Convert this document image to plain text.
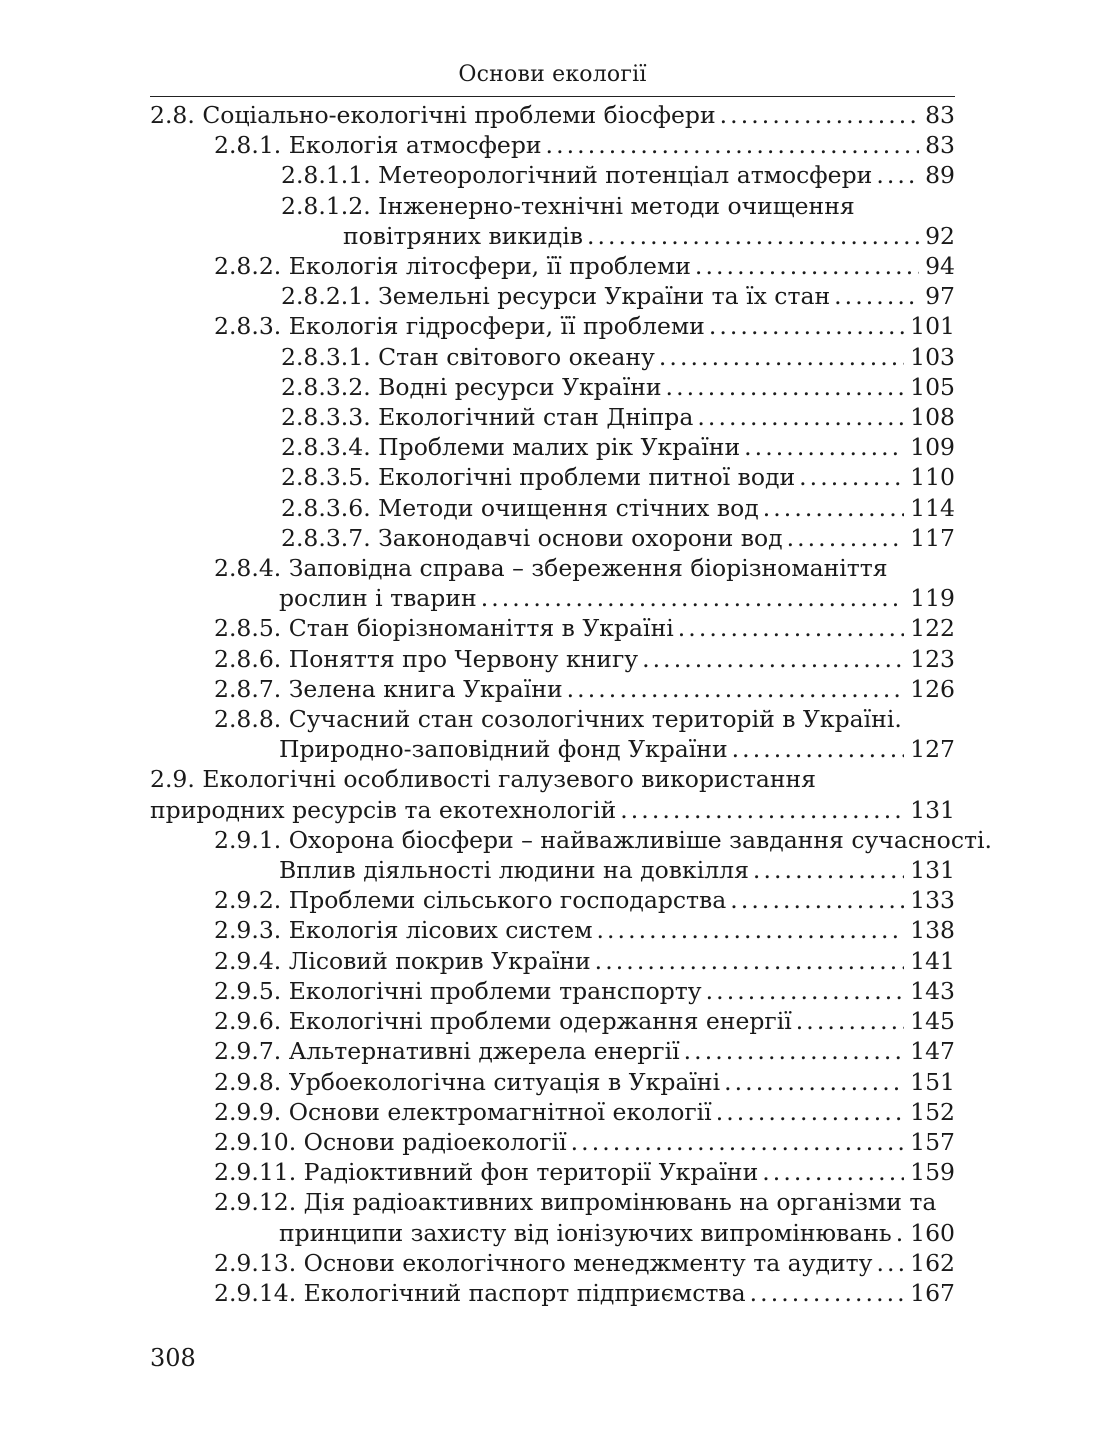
Основи екології
2.8. Соціально-екологічні проблеми біосфери . . .	83
2.8.1. Екологія атмосфери . . .	83
2.8.1.1. Метеорологічний потенціал атмосфери . . . 89
2.8.1.2. Інженерно-технічні методи очищення
повітряних викидів . . .	92
2.8.2. Екологія літосфери, її проблеми . . .	94
2.8.2.1. Земельні ресурси України та їх стан . . .	97
2.8.3. Екологія гідросфери, її проблеми . . .	101
2.8.3.1. Стан світового океану . . .	103
2.8.3.2. Водні ресурси України . . .	105
2.8.3.3. Екологічний стан Дніпра . . .	108
2.8.3.4. Проблеми малих рік України . . .	109
2.8.3.5. Екологічні проблеми питної води . . .	110
2.8.3.6. Методи очищення стічних вод . . .	114
2.8.3.7. Законодавчі основи охорони вод . . .	117
2.8.4. Заповідна справа – збереження біорізноманіття
рослин і тварин . . .	119
2.8.5. Стан біорізноманіття в Україні . . .	122
2.8.6. Поняття про Червону книгу . . .	123
2.8.7. Зелена книга України . . .	126
2.8.8. Сучасний стан созологічних територій в Україні.
Природно-заповідний фонд України . . .	127
2.9. Екологічні особливості галузевого використання
природних ресурсів та екотехнологій . . .	131
2.9.1. Охорона біосфери – найважливіше завдання сучасності.
Вплив діяльності людини на довкілля . . .	131
2.9.2. Проблеми сільського господарства . . .	133
2.9.3. Екологія лісових систем . . .	138
2.9.4. Лісовий покрив України . . .	141
2.9.5. Екологічні проблеми транспорту . . .	143
2.9.6. Екологічні проблеми одержання енергії . . .	145
2.9.7. Альтернативні джерела енергії . . .	147
2.9.8. Урбоекологічна ситуація в Україні . . .	151
2.9.9. Основи електромагнітної екології . . .	152
2.9.10. Основи радіоекології . . .	157
2.9.11. Радіоктивний фон території України . . .	159
2.9.12. Дія радіоактивних випромінювань на організми та
принципи захисту від іонізуючих випромінювань . . . 160
2.9.13. Основи екологічного менеджменту та аудиту . . . 162
2.9.14. Екологічний паспорт підприємства . . .	167
308
